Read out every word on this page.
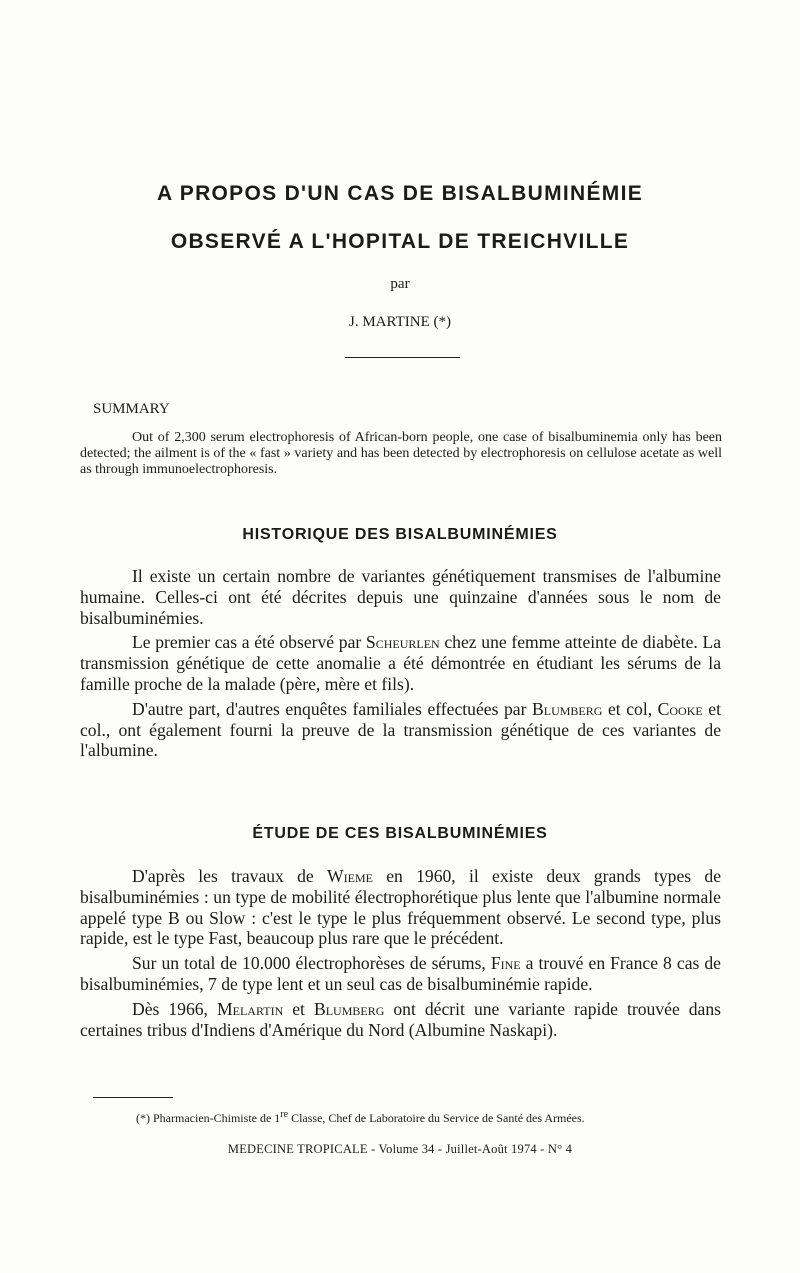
A PROPOS D'UN CAS DE BISALBUMINÉMIE
OBSERVÉ A L'HOPITAL DE TREICHVILLE
par
J. MARTINE (*)
SUMMARY

Out of 2,300 serum electrophoresis of African-born people, one case of bisalbuminemia only has been detected; the ailment is of the « fast » variety and has been detected by electrophoresis on cellulose acetate as well as through immunoelectrophoresis.

HISTORIQUE DES BISALBUMINÉMIES

Il existe un certain nombre de variantes génétiquement transmises de l'albumine humaine. Celles-ci ont été décrites depuis une quinzaine d'années sous le nom de bisalbuminémies.

Le premier cas a été observé par Scheurlen chez une femme atteinte de diabète. La transmission génétique de cette anomalie a été démontrée en étudiant les sérums de la famille proche de la malade (père, mère et fils).

D'autre part, d'autres enquêtes familiales effectuées par Blumberg et col, Cooke et col., ont également fourni la preuve de la transmission génétique de ces variantes de l'albumine.

ÉTUDE DE CES BISALBUMINÉMIES

D'après les travaux de Wieme en 1960, il existe deux grands types de bisalbuminémies : un type de mobilité électrophorétique plus lente que l'albumine normale appelé type B ou Slow : c'est le type le plus fréquemment observé. Le second type, plus rapide, est le type Fast, beaucoup plus rare que le précédent.

Sur un total de 10.000 électrophorèses de sérums, Fine a trouvé en France 8 cas de bisalbuminémies, 7 de type lent et un seul cas de bisalbuminémie rapide.

Dès 1966, Melartin et Blumberg ont décrit une variante rapide trouvée dans certaines tribus d'Indiens d'Amérique du Nord (Albumine Naskapi).

(*) Pharmacien-Chimiste de 1re Classe, Chef de Laboratoire du Service de Santé des Armées.

MEDECINE TROPICALE - Volume 34 - Juillet-Août 1974 - N° 4
